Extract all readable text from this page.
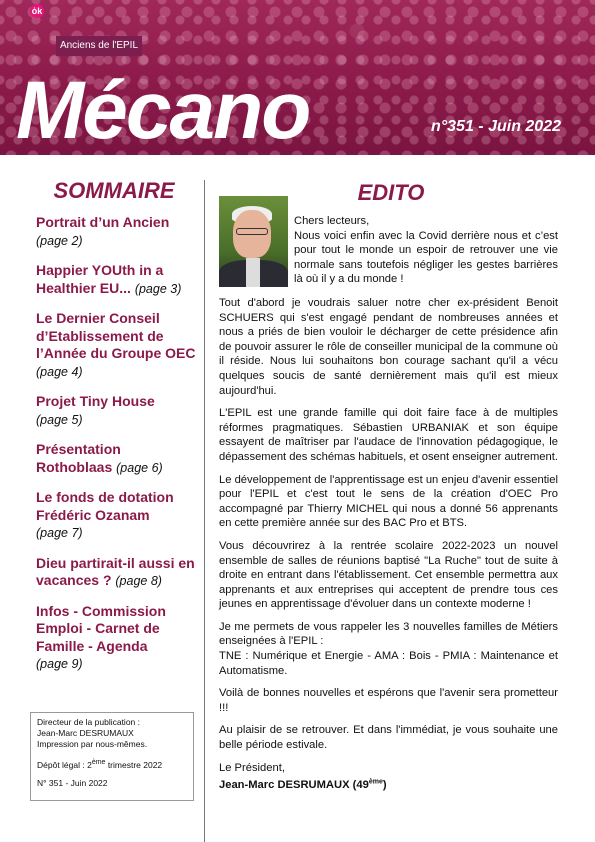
ȯk
Anciens de l'EPIL
Mécano	n°351 - Juin 2022
SOMMAIRE
Portrait d’un Ancien
(page 2)
Happier YOUth in a Healthier EU... (page 3)
Le Dernier Conseil d’Etablissement de l’Année du Groupe OEC
(page 4)
Projet Tiny House
(page 5)
Présentation Rothoblaas (page 6)
Le fonds de dotation Frédéric Ozanam
(page 7)
Dieu partirait-il aussi en vacances ? (page 8)
Infos - Commission Emploi - Carnet de Famille - Agenda
(page 9)

Directeur de la publication :
Jean-Marc DESRUMAUX
Impression par nous-mêmes.

Dépôt légal : 2ème trimestre 2022

N° 351 - Juin 2022

EDITO

Chers lecteurs,
Nous voici enfin avec la Covid derrière nous et c’est pour tout le monde un espoir de retrouver une vie normale sans toutefois négliger les gestes barrières là où il y a du monde !

Tout d'abord je voudrais saluer notre cher ex-président Benoit SCHUERS qui s'est engagé pendant de nombreuses années et nous a priés de bien vouloir le décharger de cette présidence afin de pouvoir assurer le rôle de conseiller municipal de la commune où il réside. Nous lui souhaitons bon courage sachant qu'il a vécu quelques soucis de santé dernièrement mais qu'il est mieux aujourd'hui.

L'EPIL est une grande famille qui doit faire face à de multiples réformes pragmatiques. Sébastien URBANIAK et son équipe essayent de maîtriser par l'audace de l'innovation pédagogique, le dépassement des schémas habituels, et osent enseigner autrement.

Le développement de l'apprentissage est un enjeu d'avenir essentiel pour l'EPIL et c'est tout le sens de la création d'OEC Pro accompagné par Thierry MICHEL qui nous a donné 56 apprenants en cette première année sur des BAC Pro et BTS.

Vous découvrirez à la rentrée scolaire 2022-2023 un nouvel ensemble de salles de réunions baptisé "La Ruche" tout de suite à droite en entrant dans l'établissement. Cet ensemble permettra aux apprenants et aux entreprises qui acceptent de prendre tous ces jeunes en apprentissage d'évoluer dans un contexte moderne !

Je me permets de vous rappeler les 3 nouvelles familles de Métiers enseignées à l'EPIL :
TNE : Numérique et Energie - AMA : Bois - PMIA : Maintenance et Automatisme.

Voilà de bonnes nouvelles et espérons que l'avenir sera prometteur !!!

Au plaisir de se retrouver. Et dans l'immédiat, je vous souhaite une belle période estivale.

Le Président,
Jean-Marc DESRUMAUX (49ème)
